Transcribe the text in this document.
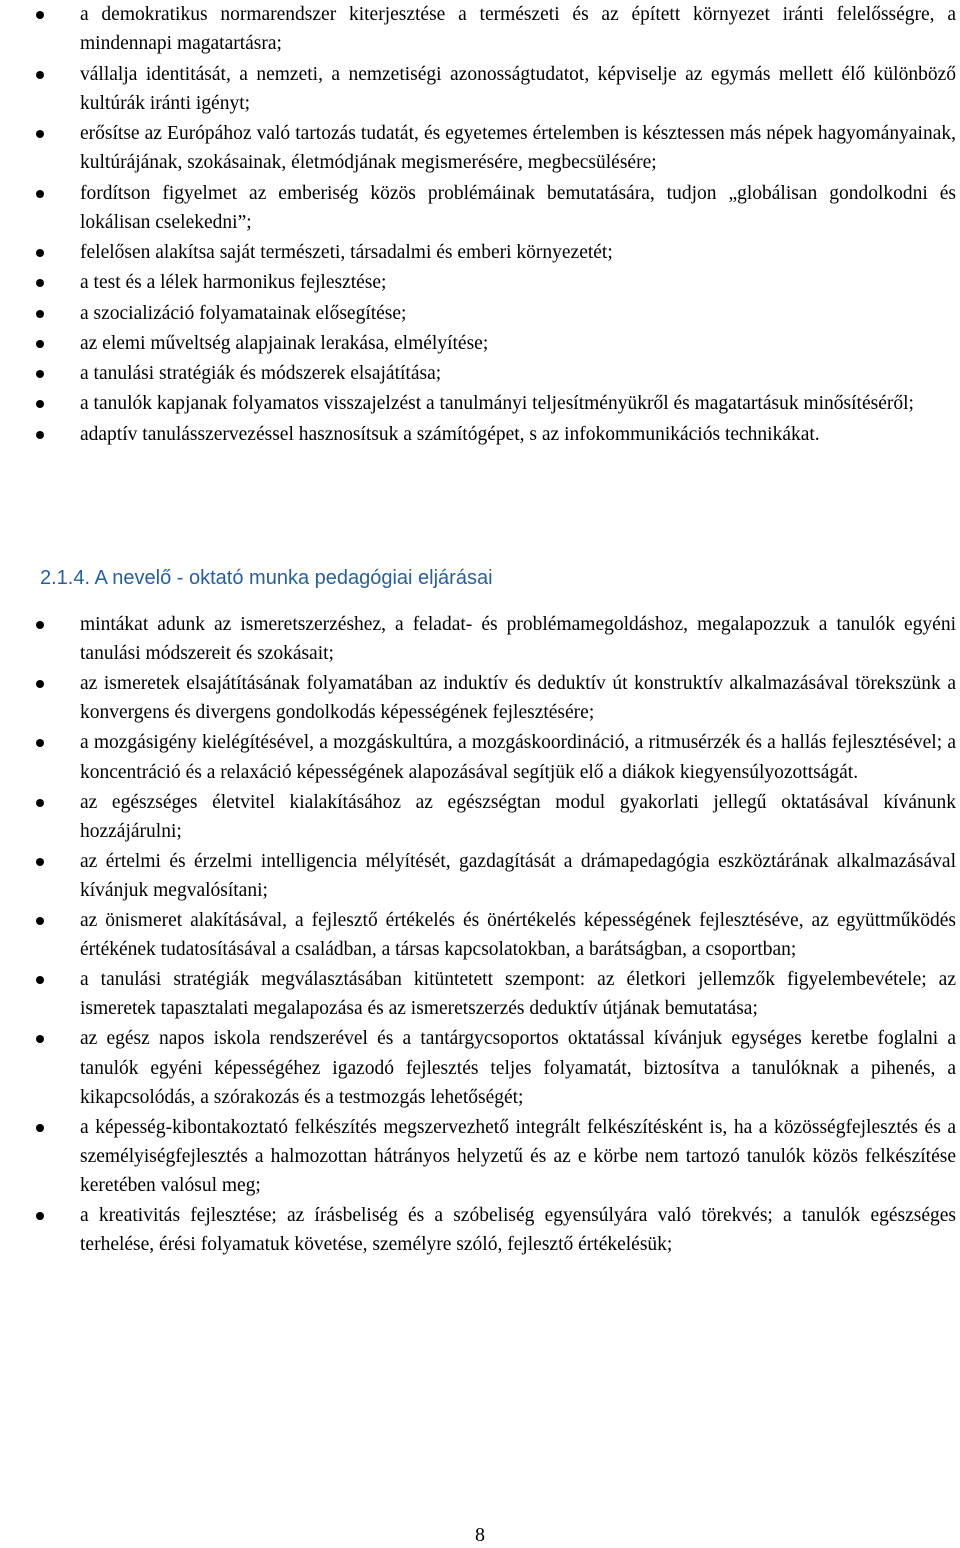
a demokratikus normarendszer kiterjesztése a természeti és az épített környezet iránti felelősségre, a mindennapi magatartásra;
vállalja identitását, a nemzeti, a nemzetiségi azonosságtudatot, képviselje az egymás mellett élő különböző kultúrák iránti igényt;
erősítse az Európához való tartozás tudatát, és egyetemes értelemben is késztessen más népek hagyományainak, kultúrájának, szokásainak, életmódjának megismerésére, megbecsülésére;
fordítson figyelmet az emberiség közös problémáinak bemutatására, tudjon „globálisan gondolkodni és lokálisan cselekedni”;
felelősen alakítsa saját természeti, társadalmi és emberi környezetét;
a test és a lélek harmonikus fejlesztése;
a szocializáció folyamatainak elősegítése;
az elemi műveltség alapjainak lerakása, elmélyítése;
a tanulási stratégiák és módszerek elsajátítása;
a tanulók kapjanak folyamatos visszajelzést a tanulmányi teljesítményükről és magatartásuk minősítéséről;
adaptív tanulásszervezéssel hasznosítsuk a számítógépet, s az infokommunikációs technikákat.
2.1.4. A nevelő - oktató munka pedagógiai eljárásai
mintákat adunk az ismeretszerzéshez, a feladat- és problémamegoldáshoz, megalapozzuk a tanulók egyéni tanulási módszereit és szokásait;
az ismeretek elsajátításának folyamatában az induktív és deduktív út konstruktív alkalmazásával törekszünk a konvergens és divergens gondolkodás képességének fejlesztésére;
a mozgásigény kielégítésével, a mozgáskultúra, a mozgáskoordináció, a ritmusérzék és a hallás fejlesztésével; a koncentráció és a relaxáció képességének alapozásával segítjük elő a diákok kiegyensúlyozottságát.
az egészséges életvitel kialakításához az egészségtan modul gyakorlati jellegű oktatásával kívánunk hozzájárulni;
az értelmi és érzelmi intelligencia mélyítését, gazdagítását a drámapedagógia eszköztárának alkalmazásával kívánjuk megvalósítani;
az önismeret alakításával, a fejlesztő értékelés és önértékelés képességének fejlesztéséve, az együttműködés értékének tudatosításával a családban, a társas kapcsolatokban, a barátságban, a csoportban;
a tanulási stratégiák megválasztásában kitüntetett szempont: az életkori jellemzők figyelembevétele; az ismeretek tapasztalati megalapozása és az ismeretszerzés deduktív útjának bemutatása;
az egész napos iskola rendszerével és a tantárgycsoportos oktatással kívánjuk egységes keretbe foglalni a tanulók egyéni képességéhez igazodó fejlesztés teljes folyamatát, biztosítva a tanulóknak a pihenés, a kikapcsolódás, a szórakozás és a testmozgás lehetőségét;
a képesség-kibontakoztató felkészítés megszervezhető integrált felkészítésként is, ha a közösségfejlesztés és a személyiségfejlesztés a halmozottan hátrányos helyzetű és az e körbe nem tartozó tanulók közös felkészítése keretében valósul meg;
a kreativitás fejlesztése; az írásbeliség és a szóbeliség egyensúlyára való törekvés; a tanulók egészséges terhelése, érési folyamatuk követése, személyre szóló, fejlesztő értékelésük;
8
